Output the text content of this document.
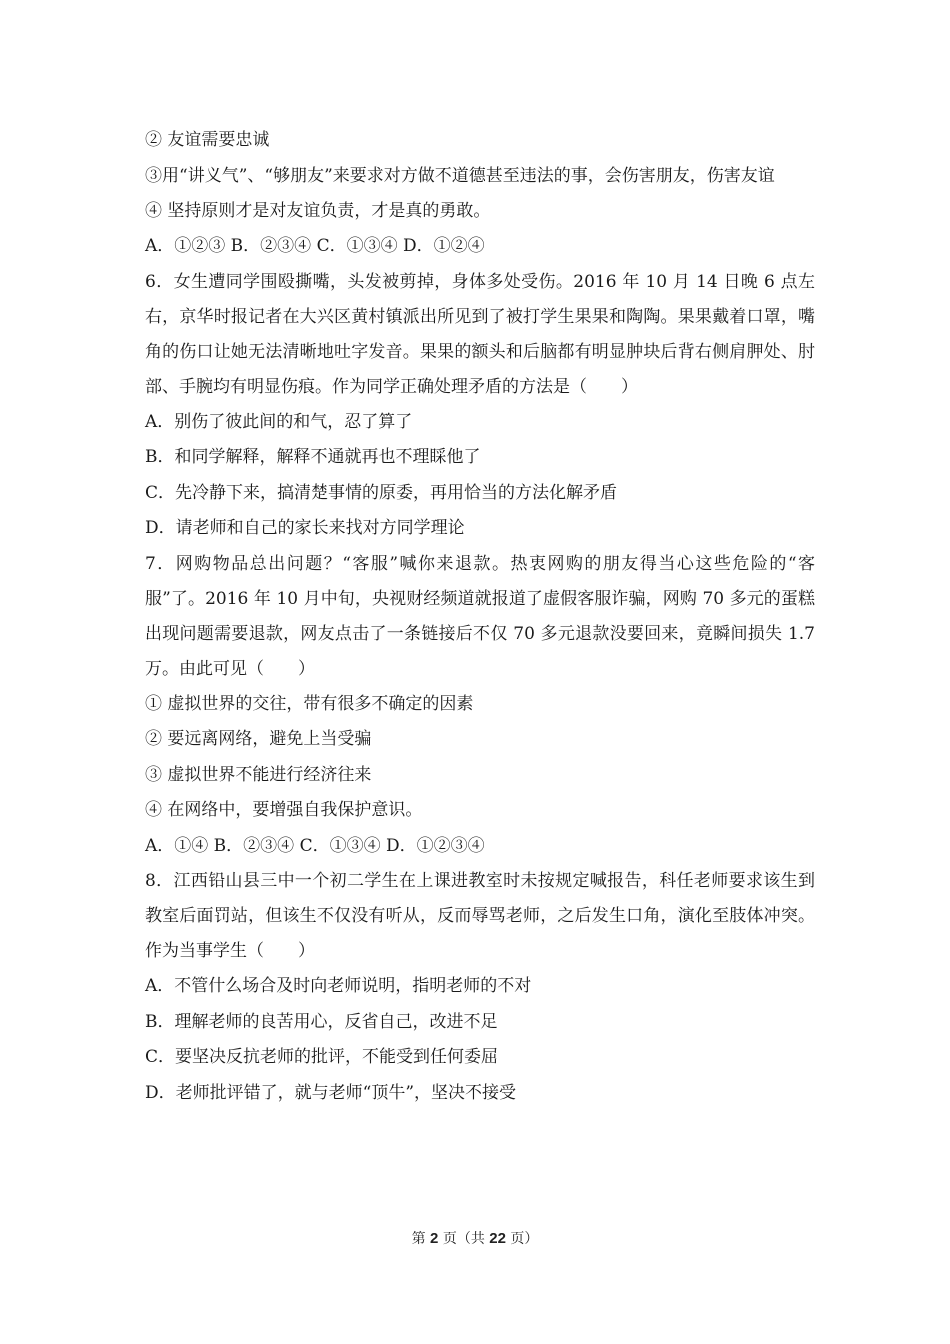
② 友谊需要忠诚

③用“讲义气”、“够朋友”来要求对方做不道德甚至违法的事，会伤害朋友，伤害友谊

④ 坚持原则才是对友谊负责，才是真的勇敢。

A．①②③ B．②③④ C．①③④ D．①②④

6．女生遭同学围殴撕嘴，头发被剪掉，身体多处受伤。2016 年 10 月 14 日晚 6 点左右，京华时报记者在大兴区黄村镇派出所见到了被打学生果果和陶陶。果果戴着口罩，嘴角的伤口让她无法清晰地吐字发音。果果的额头和后脑都有明显肿块后背右侧肩胛处、肘部、手腕均有明显伤痕。作为同学正确处理矛盾的方法是（　　）

A．别伤了彼此间的和气，忍了算了

B．和同学解释，解释不通就再也不理睬他了

C．先冷静下来，搞清楚事情的原委，再用恰当的方法化解矛盾

D．请老师和自己的家长来找对方同学理论

7．网购物品总出问题？“客服”喊你来退款。热衷网购的朋友得当心这些危险的“客服”了。2016 年 10 月中旬，央视财经频道就报道了虚假客服诈骗，网购 70 多元的蛋糕出现问题需要退款，网友点击了一条链接后不仅 70 多元退款没要回来，竟瞬间损失 1.7 万。由此可见（　　）

① 虚拟世界的交往，带有很多不确定的因素

② 要远离网络，避免上当受骗

③ 虚拟世界不能进行经济往来

④ 在网络中，要增强自我保护意识。

A．①④ B．②③④ C．①③④ D．①②③④

8．江西铅山县三中一个初二学生在上课进教室时未按规定喊报告，科任老师要求该生到教室后面罚站，但该生不仅没有听从，反而辱骂老师，之后发生口角，演化至肢体冲突。作为当事学生（　　）

A．不管什么场合及时向老师说明，指明老师的不对

B．理解老师的良苦用心，反省自己，改进不足

C．要坚决反抗老师的批评，不能受到任何委屈

D．老师批评错了，就与老师“顶牛”，坚决不接受

第 2 页（共 22 页）
